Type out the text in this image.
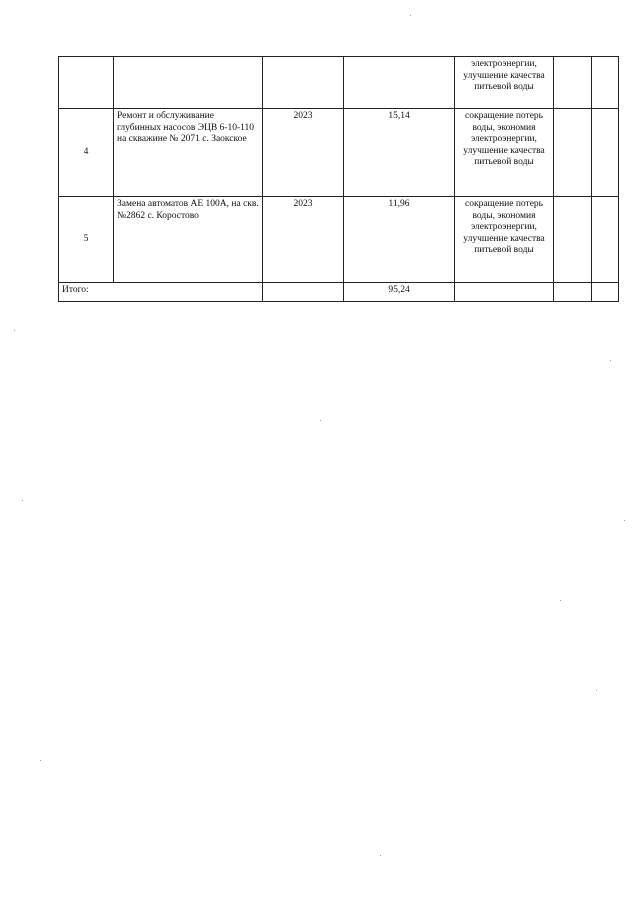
				электроэнергии, улучшение качества питьевой воды		
4	Ремонт и обслуживание глубинных насосов ЭЦВ 6-10-110 на скважине № 2071 с. Заокское	2023	15,14	сокращение потерь воды, экономия электроэнергии, улучшение качества питьевой воды		
5	Замена автоматов АЕ 100А, на скв. №2862 с. Коростово	2023	11,96	сокращение потерь воды, экономия электроэнергии, улучшение качества питьевой воды		
Итого:			95,24			
